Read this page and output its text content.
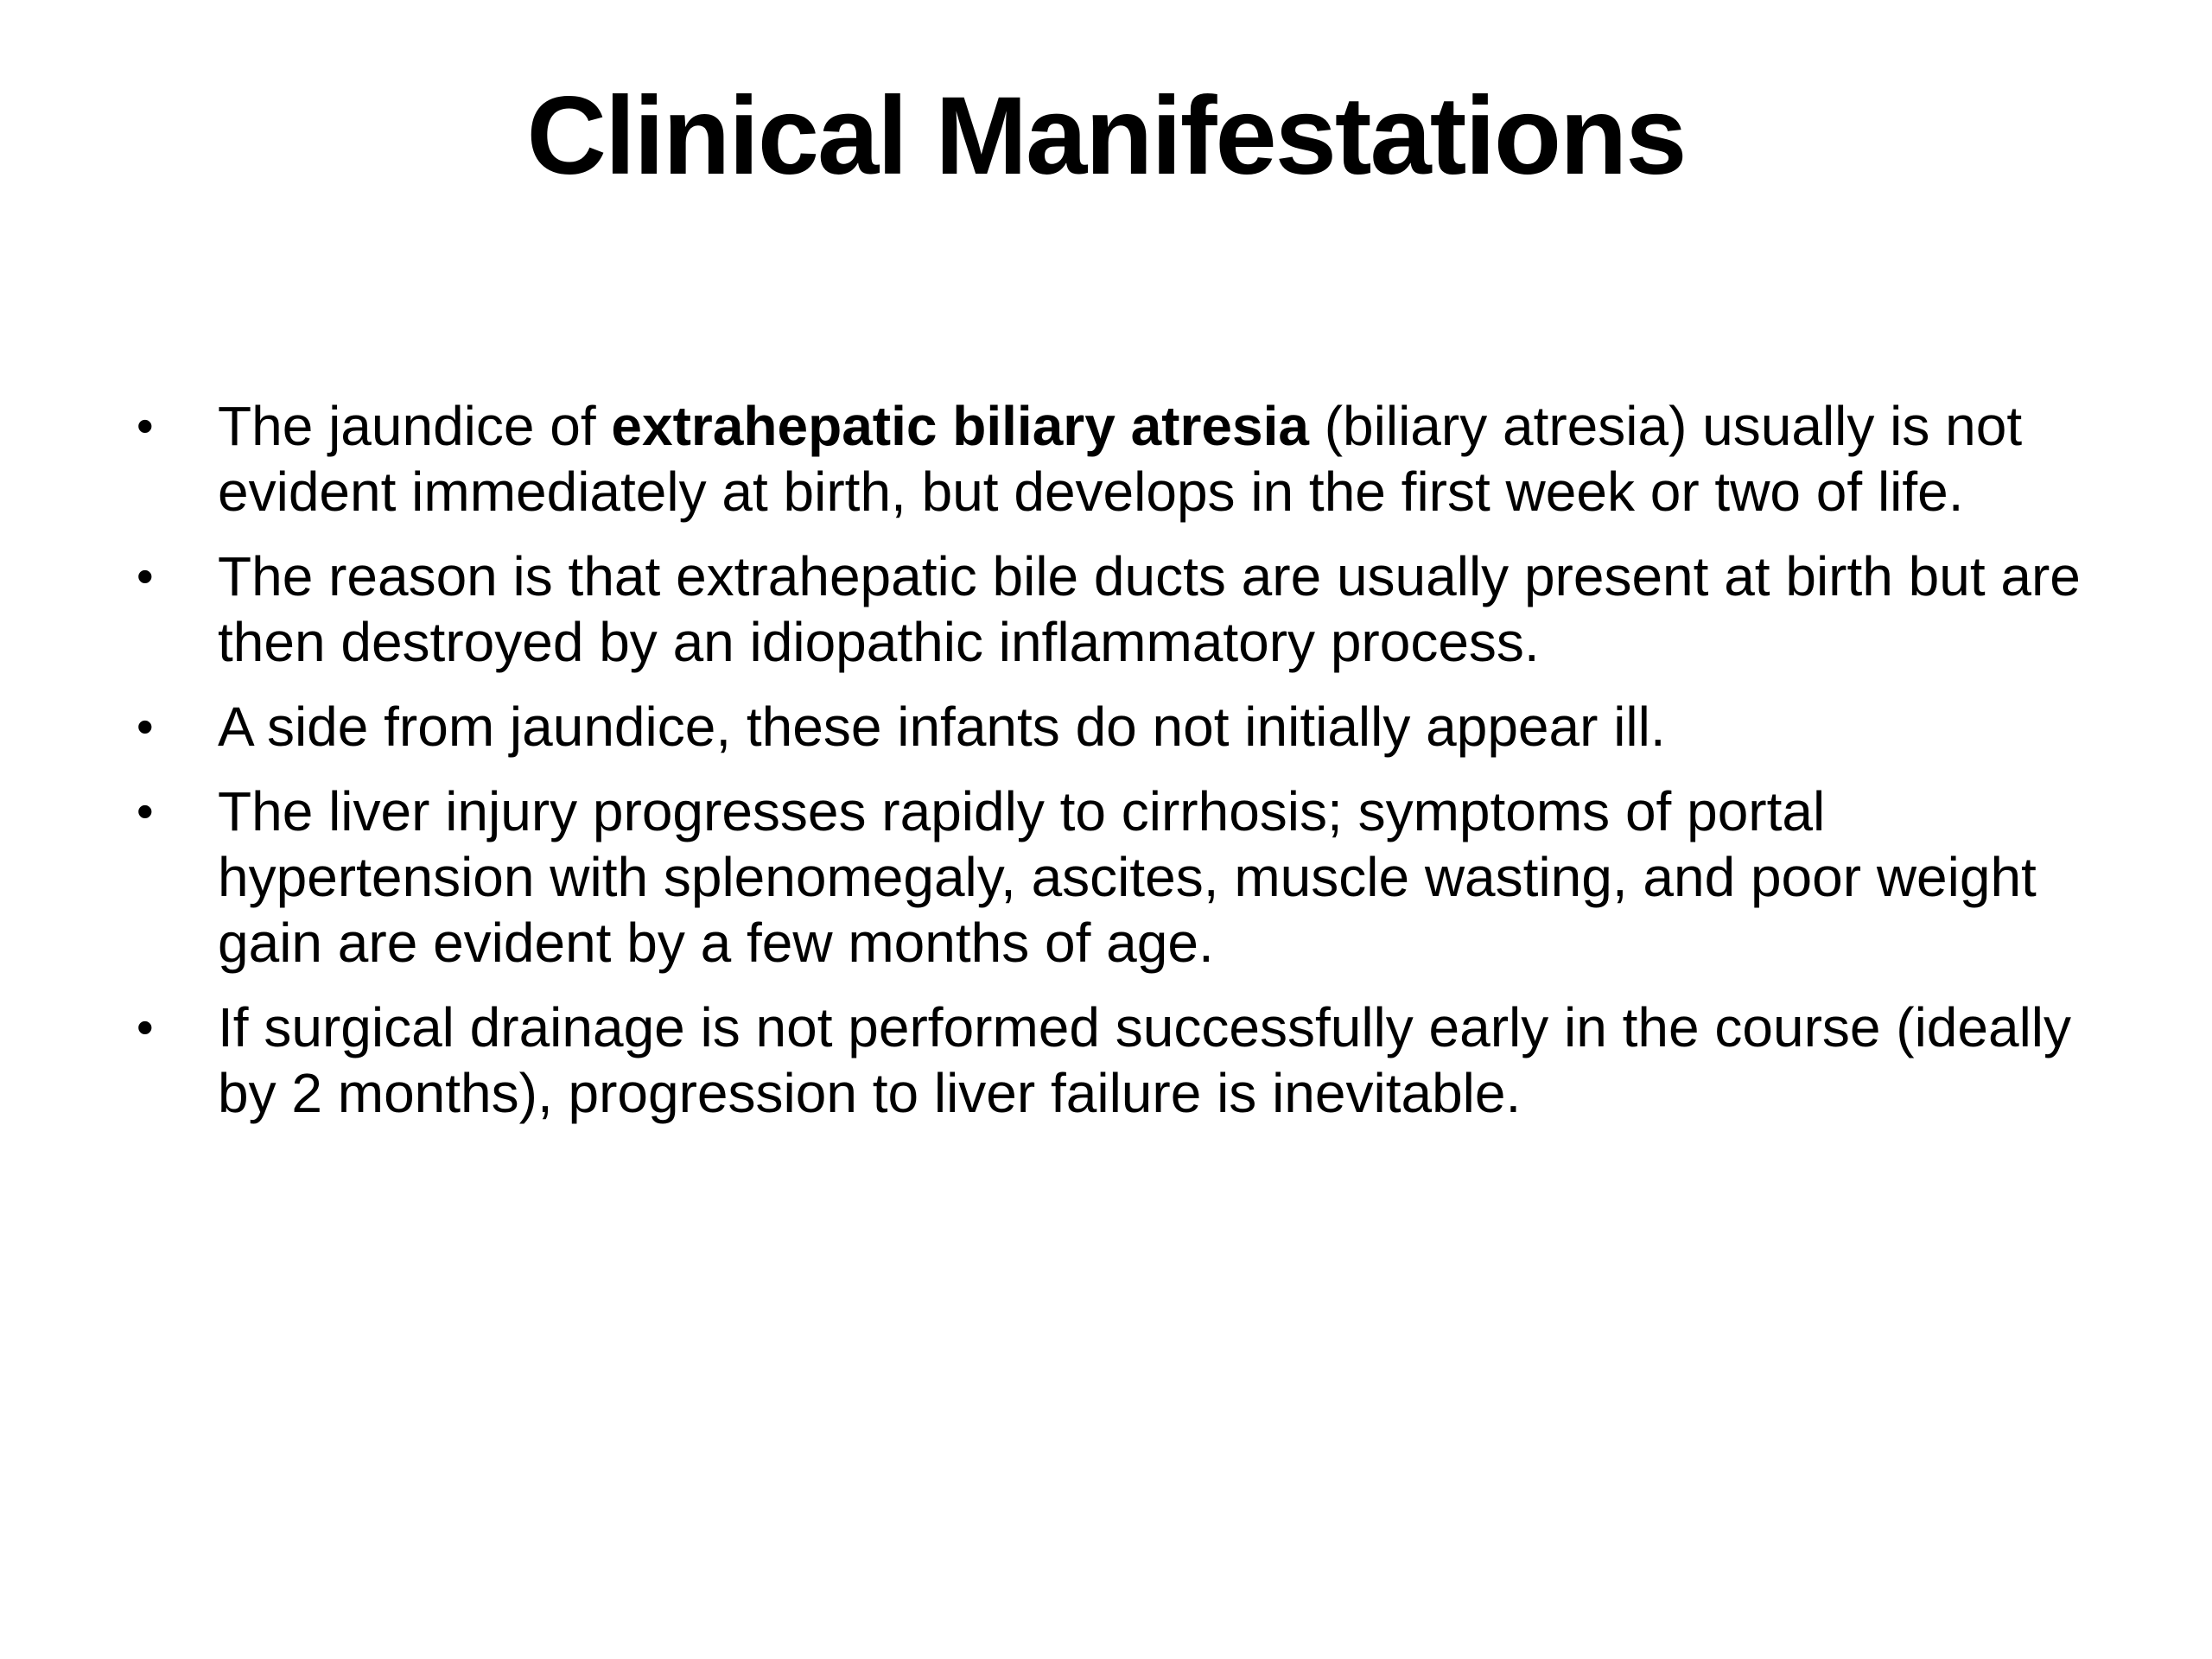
Clinical Manifestations
•	The jaundice of extrahepatic biliary atresia (biliary atresia) usually is not evident immediately at birth, but develops in the first week or two of life.
•	The reason is that extrahepatic bile ducts are usually present at birth but are then destroyed by an idiopathic inflammatory process.
•	A side from jaundice, these infants do not initially appear ill.
•	The liver injury progresses rapidly to cirrhosis; symptoms of portal hypertension with splenomegaly, ascites, muscle wasting, and poor weight gain are evident by a few months of age.
•	If surgical drainage is not performed successfully early in the course (ideally by 2 months), progression to liver failure is inevitable.
